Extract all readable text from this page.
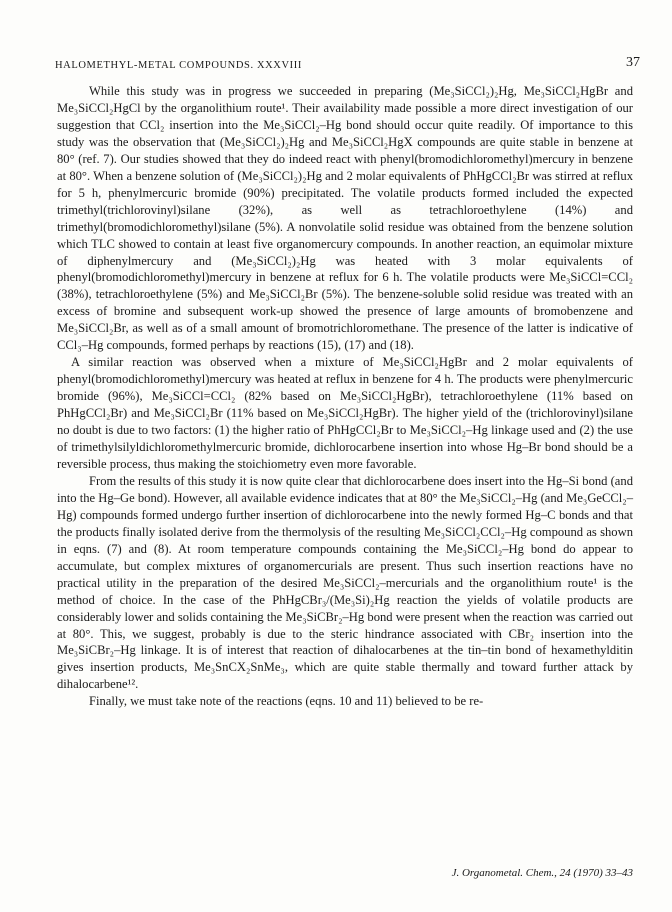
HALOMETHYL-METAL COMPOUNDS. XXXVIII	37

While this study was in progress we succeeded in preparing (Me₃SiCCl₂)₂Hg, Me₃SiCCl₂HgBr and Me₃SiCCl₂HgCl by the organolithium route¹. Their availability made possible a more direct investigation of our suggestion that CCl₂ insertion into the Me₃SiCCl₂–Hg bond should occur quite readily. Of importance to this study was the observation that (Me₃SiCCl₂)₂Hg and Me₃SiCCl₂HgX compounds are quite stable in benzene at 80° (ref. 7). Our studies showed that they do indeed react with phenyl(bromodichloromethyl)mercury in benzene at 80°. When a benzene solution of (Me₃SiCCl₂)₂Hg and 2 molar equivalents of PhHgCCl₂Br was stirred at reflux for 5 h, phenylmercuric bromide (90%) precipitated. The volatile products formed included the expected trimethyl(trichlorovinyl)silane (32%), as well as tetrachloroethylene (14%) and trimethyl(bromodichloromethyl)silane (5%). A nonvolatile solid residue was obtained from the benzene solution which TLC showed to contain at least five organomercury compounds. In another reaction, an equimolar mixture of diphenylmercury and (Me₃SiCCl₂)₂Hg was heated with 3 molar equivalents of phenyl(bromodichloromethyl)mercury in benzene at reflux for 6 h. The volatile products were Me₃SiCCl=CCl₂ (38%), tetrachloroethylene (5%) and Me₃SiCCl₂Br (5%). The benzene-soluble solid residue was treated with an excess of bromine and subsequent work-up showed the presence of large amounts of bromobenzene and Me₃SiCCl₂Br, as well as of a small amount of bromotrichloromethane. The presence of the latter is indicative of CCl₃–Hg compounds, formed perhaps by reactions (15), (17) and (18).

A similar reaction was observed when a mixture of Me₃SiCCl₂HgBr and 2 molar equivalents of phenyl(bromodichloromethyl)mercury was heated at reflux in benzene for 4 h. The products were phenylmercuric bromide (96%), Me₃SiCCl=CCl₂ (82% based on Me₃SiCCl₂HgBr), tetrachloroethylene (11% based on PhHgCCl₂Br) and Me₃SiCCl₂Br (11% based on Me₃SiCCl₂HgBr). The higher yield of the (trichlorovinyl)silane no doubt is due to two factors: (1) the higher ratio of PhHgCCl₂Br to Me₃SiCCl₂–Hg linkage used and (2) the use of trimethylsilyldichloromethylmercuric bromide, dichlorocarbene insertion into whose Hg–Br bond should be a reversible process, thus making the stoichiometry even more favorable.

From the results of this study it is now quite clear that dichlorocarbene does insert into the Hg–Si bond (and into the Hg–Ge bond). However, all available evidence indicates that at 80° the Me₃SiCCl₂–Hg (and Me₃GeCCl₂–Hg) compounds formed undergo further insertion of dichlorocarbene into the newly formed Hg–C bonds and that the products finally isolated derive from the thermolysis of the resulting Me₃SiCCl₂CCl₂–Hg compound as shown in eqns. (7) and (8). At room temperature compounds containing the Me₃SiCCl₂–Hg bond do appear to accumulate, but complex mixtures of organomercurials are present. Thus such insertion reactions have no practical utility in the preparation of the desired Me₃SiCCl₂–mercurials and the organolithium route¹ is the method of choice. In the case of the PhHgCBr₃/(Me₃Si)₂Hg reaction the yields of volatile products are considerably lower and solids containing the Me₃SiCBr₂–Hg bond were present when the reaction was carried out at 80°. This, we suggest, probably is due to the steric hindrance associated with CBr₂ insertion into the Me₃SiCBr₂–Hg linkage. It is of interest that reaction of dihalocarbenes at the tin–tin bond of hexamethylditin gives insertion products, Me₃SnCX₂SnMe₃, which are quite stable thermally and toward further attack by dihalocarbene¹².

Finally, we must take note of the reactions (eqns. 10 and 11) believed to be re-

J. Organometal. Chem., 24 (1970) 33–43
